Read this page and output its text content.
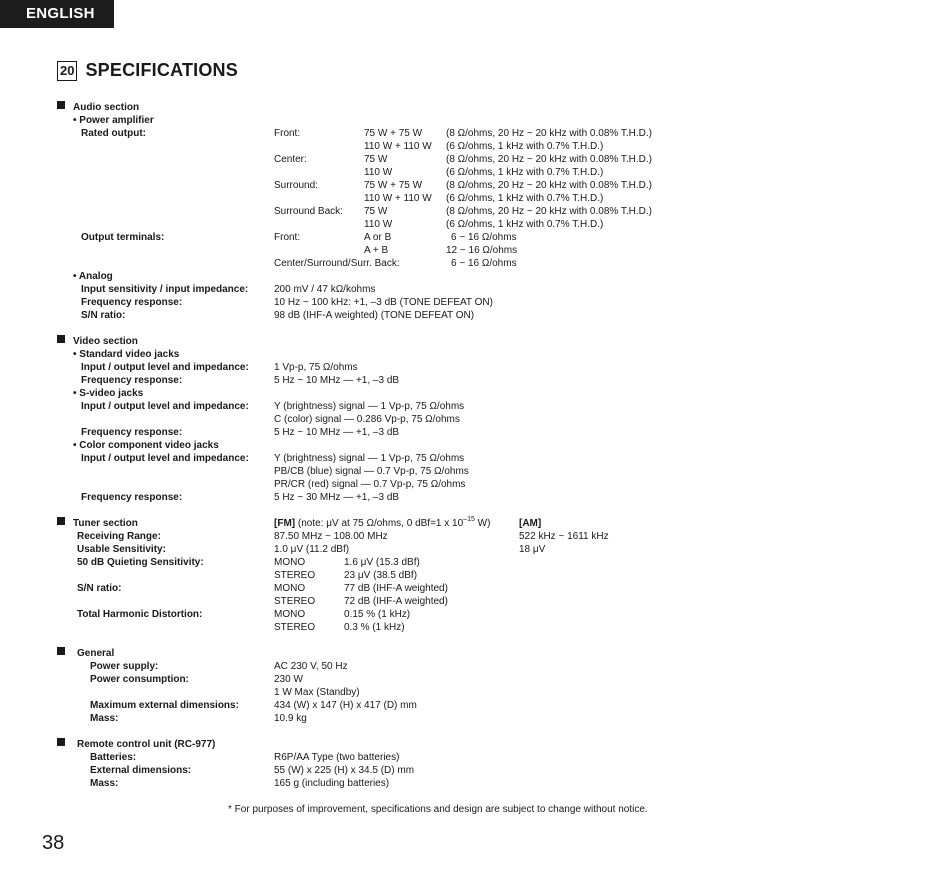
ENGLISH
20 SPECIFICATIONS
Audio section
• Power amplifier
Rated output:	Front:	75 W + 75 W (8 Ω/ohms, 20 Hz ~ 20 kHz with 0.08% T.H.D.)
110 W + 110 W (6 Ω/ohms, 1 kHz with 0.7% T.H.D.)
Center:	75 W	(8 Ω/ohms, 20 Hz ~ 20 kHz with 0.08% T.H.D.)
110 W	(6 Ω/ohms, 1 kHz with 0.7% T.H.D.)
Surround:	75 W + 75 W (8 Ω/ohms, 20 Hz ~ 20 kHz with 0.08% T.H.D.)
110 W + 110 W (6 Ω/ohms, 1 kHz with 0.7% T.H.D.)
Surround Back: 75 W	(8 Ω/ohms, 20 Hz ~ 20 kHz with 0.08% T.H.D.)
110 W	(6 Ω/ohms, 1 kHz with 0.7% T.H.D.)
Output terminals:	Front:	A or B	6 ~ 16 Ω/ohms
A + B	12 ~ 16 Ω/ohms
Center/Surround/Surr. Back:	6 ~ 16 Ω/ohms
• Analog
Input sensitivity / input impedance:	200 mV / 47 kΩ/kohms
Frequency response:	10 Hz ~ 100 kHz: +1, –3 dB (TONE DEFEAT ON)
S/N ratio:	98 dB (IHF-A weighted) (TONE DEFEAT ON)
Video section
• Standard video jacks
Input / output level and impedance:	1 Vp-p, 75 Ω/ohms
Frequency response:	5 Hz ~ 10 MHz — +1, –3 dB
• S-video jacks
Input / output level and impedance:	Y (brightness) signal — 1 Vp-p, 75 Ω/ohms
C (color) signal — 0.286 Vp-p, 75 Ω/ohms
Frequency response:	5 Hz ~ 10 MHz — +1, –3 dB
• Color component video jacks
Input / output level and impedance:	Y (brightness) signal — 1 Vp-p, 75 Ω/ohms
PB/CB (blue) signal — 0.7 Vp-p, 75 Ω/ohms
PR/CR (red) signal — 0.7 Vp-p, 75 Ω/ohms
Frequency response:	5 Hz ~ 30 MHz — +1, –3 dB
Tuner section	[FM] (note: μV at 75 Ω/ohms, 0 dBf=1 x $10^{-15}$ W)	[AM]
Receiving Range:	87.50 MHz ~ 108.00 MHz	522 kHz ~ 1611 kHz
Usable Sensitivity:	1.0 μV (11.2 dBf)	18 μV
50 dB Quieting Sensitivity:	MONO	1.6 μV (15.3 dBf)
STEREO	23 μV (38.5 dBf)
S/N ratio:	MONO	77 dB (IHF-A weighted)
STEREO	72 dB (IHF-A weighted)
Total Harmonic Distortion:	MONO	0.15 % (1 kHz)
STEREO	0.3 % (1 kHz)
General
Power supply:	AC 230 V, 50 Hz
Power consumption:	230 W
1 W Max (Standby)
Maximum external dimensions:	434 (W) x 147 (H) x 417 (D) mm
Mass:	10.9 kg
Remote control unit (RC-977)
Batteries:	R6P/AA Type (two batteries)
External dimensions:	55 (W) x 225 (H) x 34.5 (D) mm
Mass:	165 g (including batteries)
* For purposes of improvement, specifications and design are subject to change without notice.
38
